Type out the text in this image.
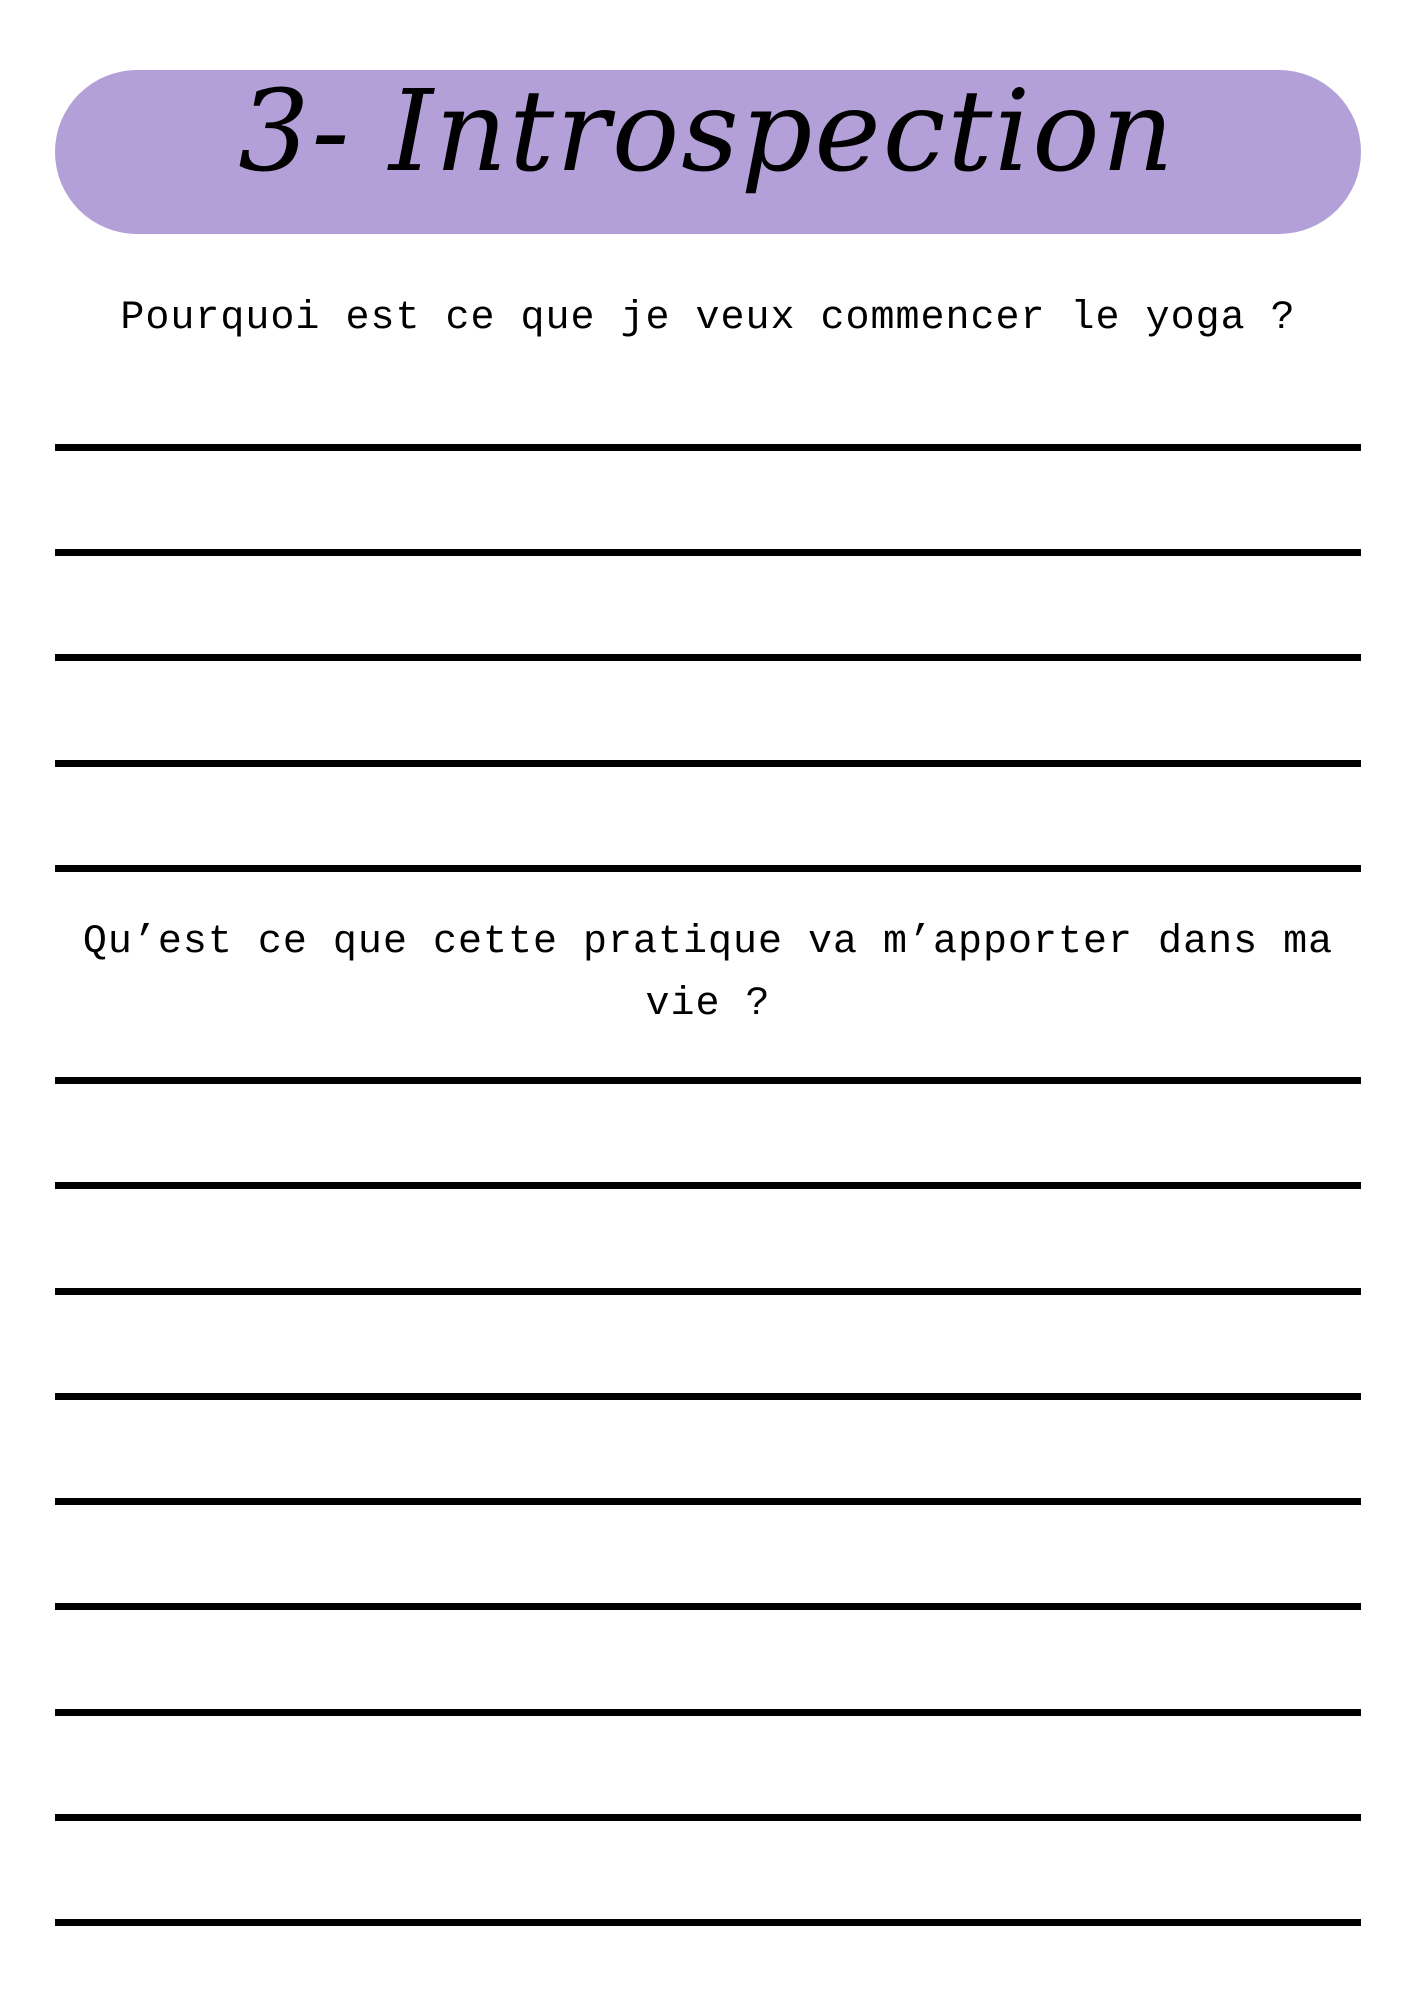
3- Introspection
Pourquoi est ce que je veux commencer le yoga ?
Qu’est ce que cette pratique va m’apporter dans ma vie ?
